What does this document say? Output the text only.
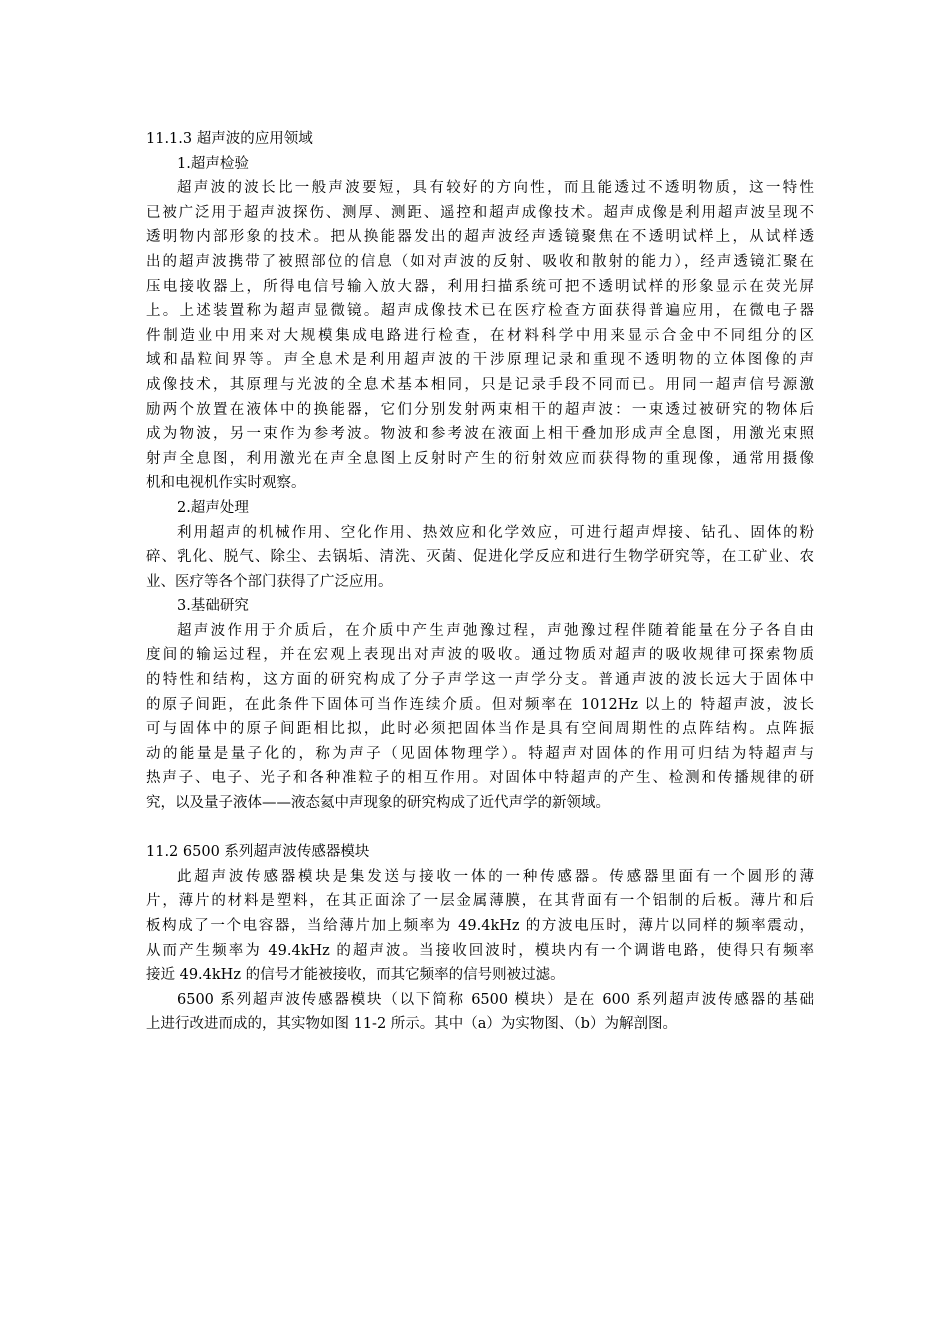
11.1.3 超声波的应用领域
1.超声检验
超声波的波长比一般声波要短，具有较好的方向性，而且能透过不透明物质，这一特性
已被广泛用于超声波探伤、测厚、测距、遥控和超声成像技术。超声成像是利用超声波呈现不
透明物内部形象的技术。把从换能器发出的超声波经声透镜聚焦在不透明试样上，从试样透
出的超声波携带了被照部位的信息（如对声波的反射、吸收和散射的能力），经声透镜汇聚在
压电接收器上，所得电信号输入放大器，利用扫描系统可把不透明试样的形象显示在荧光屏
上。上述装置称为超声显微镜。超声成像技术已在医疗检查方面获得普遍应用，在微电子器
件制造业中用来对大规模集成电路进行检查，在材料科学中用来显示合金中不同组分的区
域和晶粒间界等。声全息术是利用超声波的干涉原理记录和重现不透明物的立体图像的声
成像技术，其原理与光波的全息术基本相同，只是记录手段不同而已。用同一超声信号源激
励两个放置在液体中的换能器，它们分别发射两束相干的超声波：一束透过被研究的物体后
成为物波，另一束作为参考波。物波和参考波在液面上相干叠加形成声全息图，用激光束照
射声全息图，利用激光在声全息图上反射时产生的衍射效应而获得物的重现像，通常用摄像
机和电视机作实时观察。
2.超声处理
利用超声的机械作用、空化作用、热效应和化学效应，可进行超声焊接、钻孔、固体的粉
碎、乳化、脱气、除尘、去锅垢、清洗、灭菌、促进化学反应和进行生物学研究等，在工矿业、农
业、医疗等各个部门获得了广泛应用。
3.基础研究
超声波作用于介质后，在介质中产生声弛豫过程，声弛豫过程伴随着能量在分子各自由
度间的输运过程，并在宏观上表现出对声波的吸收。通过物质对超声的吸收规律可探索物质
的特性和结构，这方面的研究构成了分子声学这一声学分支。普通声波的波长远大于固体中
的原子间距，在此条件下固体可当作连续介质。但对频率在 1012Hz 以上的 特超声波，波长
可与固体中的原子间距相比拟，此时必须把固体当作是具有空间周期性的点阵结构。点阵振
动的能量是量子化的，称为声子（见固体物理学）。特超声对固体的作用可归结为特超声与
热声子、电子、光子和各种准粒子的相互作用。对固体中特超声的产生、检测和传播规律的研
究，以及量子液体——液态氦中声现象的研究构成了近代声学的新领域。
11.2 6500 系列超声波传感器模块
此超声波传感器模块是集发送与接收一体的一种传感器。传感器里面有一个圆形的薄
片，薄片的材料是塑料，在其正面涂了一层金属薄膜，在其背面有一个铝制的后板。薄片和后
板构成了一个电容器，当给薄片加上频率为 49.4kHz 的方波电压时，薄片以同样的频率震动，
从而产生频率为 49.4kHz 的超声波。当接收回波时，模块内有一个调谐电路，使得只有频率
接近 49.4kHz 的信号才能被接收，而其它频率的信号则被过滤。
6500 系列超声波传感器模块（以下简称 6500 模块）是在 600 系列超声波传感器的基础
上进行改进而成的，其实物如图 11-2 所示。其中（a）为实物图、（b）为解剖图。
